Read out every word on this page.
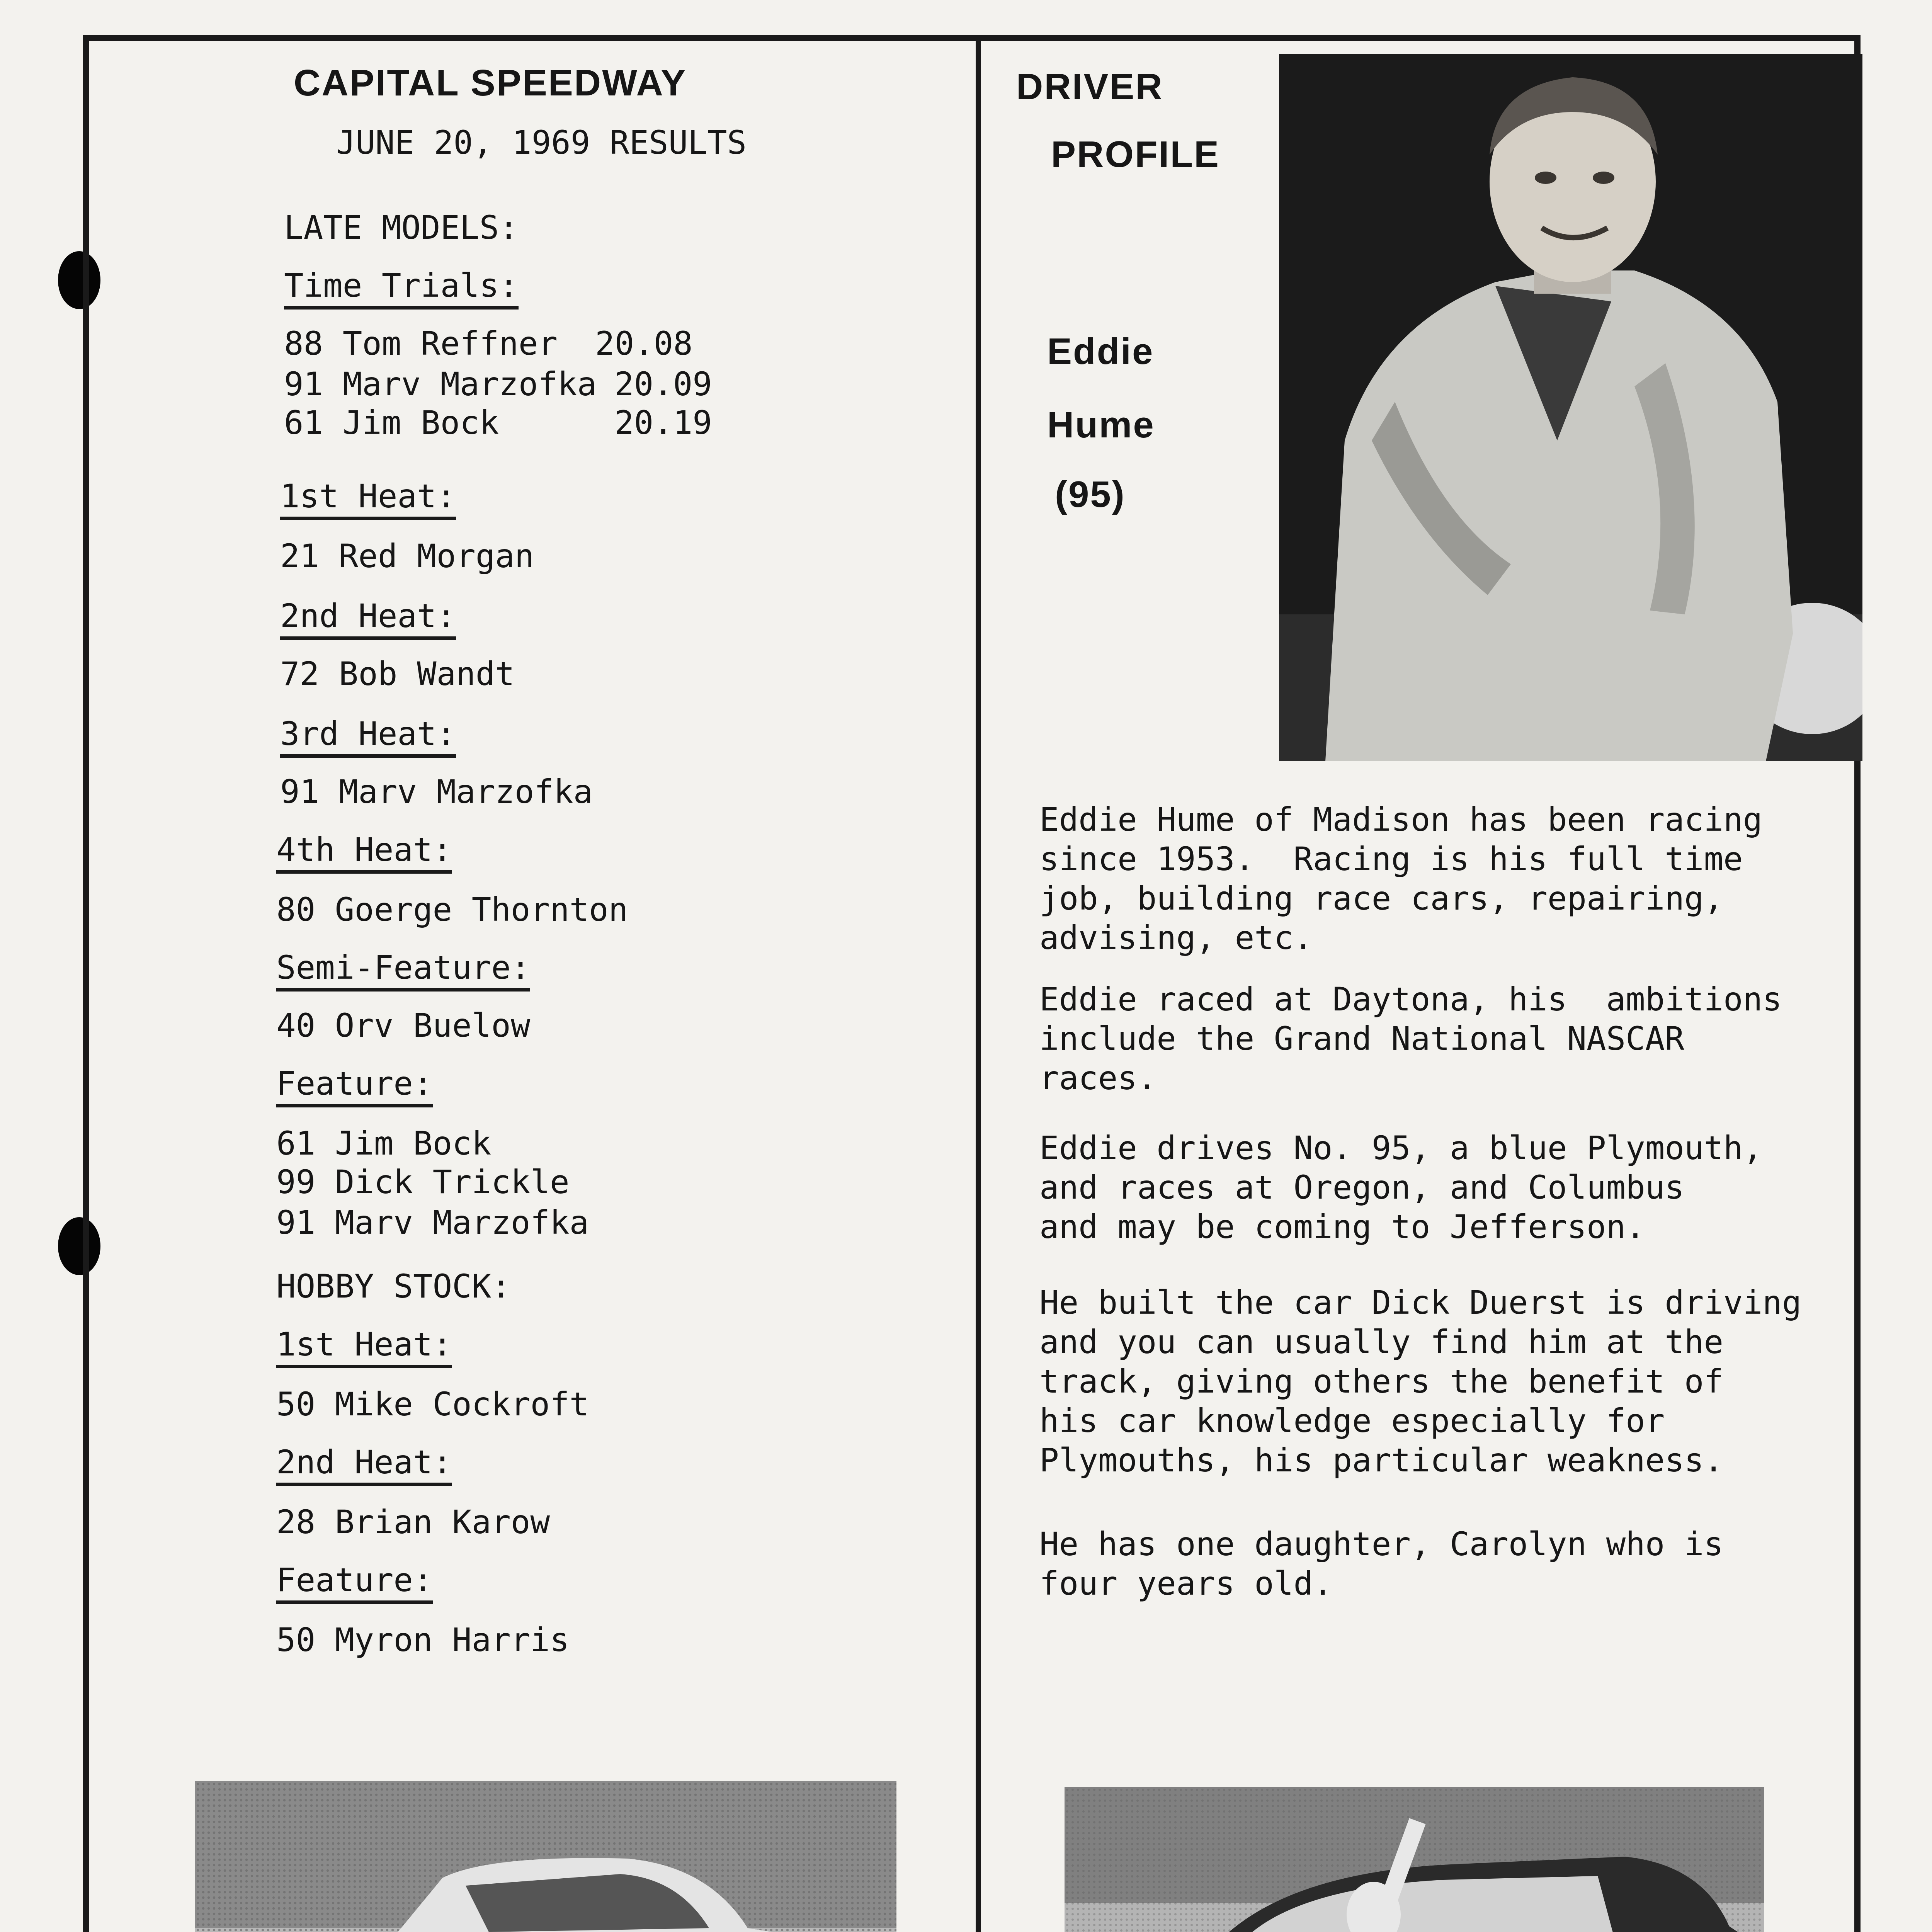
CAPITAL SPEEDWAY
JUNE 20, 1969 RESULTS
LATE MODELS:
Time Trials:
88 Tom Reffner 20.08
91 Marv Marzofka 20.09
61 Jim Bock	20.19
1st Heat:
21 Red Morgan
2nd Heat:
72 Bob Wandt
3rd Heat:
91 Marv Marzofka
4th Heat:
80 Goerge Thornton
Semi-Feature:
40 Orv Buelow
Feature:
61 Jim Bock
99 Dick Trickle
91 Marv Marzofka
HOBBY STOCK:
1st Heat:
50 Mike Cockroft
2nd Heat:
28 Brian Karow
Feature:
50 Myron Harris
DRIVER
PROFILE
Eddie
Hume
(95)
Eddie Hume of Madison has been racing
since 1953.  Racing is his full time
job, building race cars, repairing,
advising, etc.
Eddie raced at Daytona, his  ambitions
include the Grand National NASCAR
races.
Eddie drives No. 95, a blue Plymouth,
and races at Oregon, and Columbus
and may be coming to Jefferson.
He built the car Dick Duerst is driving
and you can usually find him at the
track, giving others the benefit of
his car knowledge especially for
Plymouths, his particular weakness.
He has one daughter, Carolyn who is
four years old.
